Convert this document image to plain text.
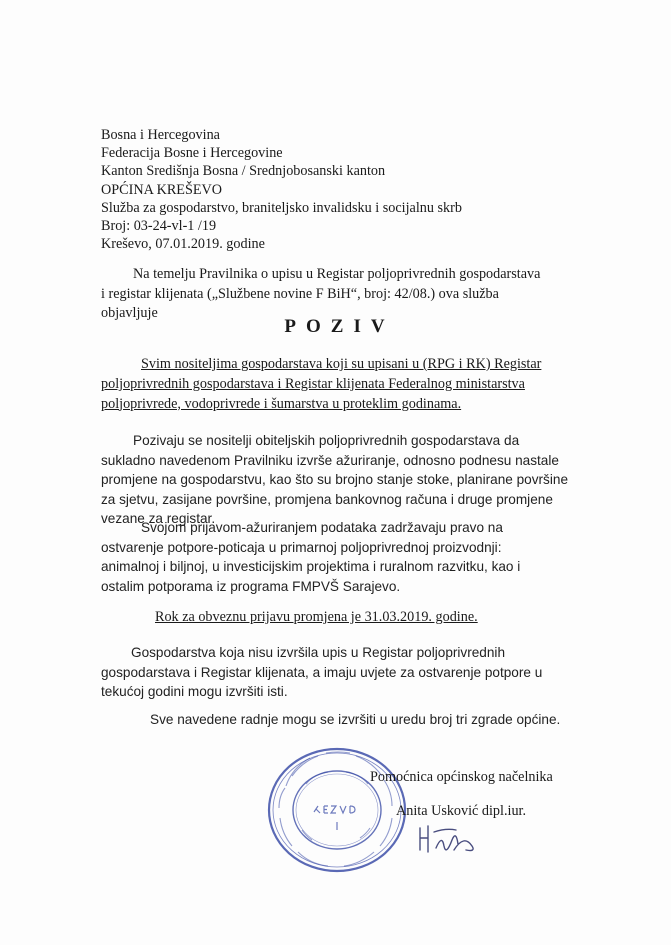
Bosna i Hercegovina
Federacija Bosne i Hercegovine
Kanton Središnja Bosna / Srednjobosanski kanton
OPĆINA KREŠEVO
Služba za gospodarstvo, braniteljsko invalidsku i socijalnu skrb
Broj: 03-24-vl-1 /19
Kreševo, 07.01.2019. godine
Na temelju Pravilnika o upisu u Registar poljoprivrednih gospodarstava
i registar klijenata („Službene novine F BiH“, broj: 42/08.) ova služba
objavljuje
POZIV
Svim nositeljima gospodarstava koji su upisani u (RPG i RK) Registar
poljoprivrednih gospodarstava i Registar klijenata Federalnog ministarstva
poljoprivrede, vodoprivrede i šumarstva u proteklim godinama.
Pozivaju se nositelji obiteljskih poljoprivrednih gospodarstava da
sukladno navedenom Pravilniku izvrše ažuriranje, odnosno podnesu nastale
promjene na gospodarstvu, kao što su brojno stanje stoke, planirane površine
za sjetvu, zasijane površine, promjena bankovnog računa i druge promjene
vezane za registar.
Svojom prijavom-ažuriranjem podataka zadržavaju pravo na
ostvarenje potpore-poticaja u primarnoj poljoprivrednoj proizvodnji:
animalnoj i biljnoj, u investicijskim projektima i ruralnom razvitku, kao i
ostalim potporama iz programa FMPVŠ Sarajevo.
Rok za obveznu prijavu promjena je 31.03.2019. godine.
Gospodarstva koja nisu izvršila upis u Registar poljoprivrednih
gospodarstava i Registar klijenata, a imaju uvjete za ostvarenje potpore u
tekućoj godini mogu izvršiti isti.
Sve navedene radnje mogu se izvršiti u uredu broj tri zgrade općine.
Pomoćnica općinskog načelnika
Anita Usković dipl.iur.
